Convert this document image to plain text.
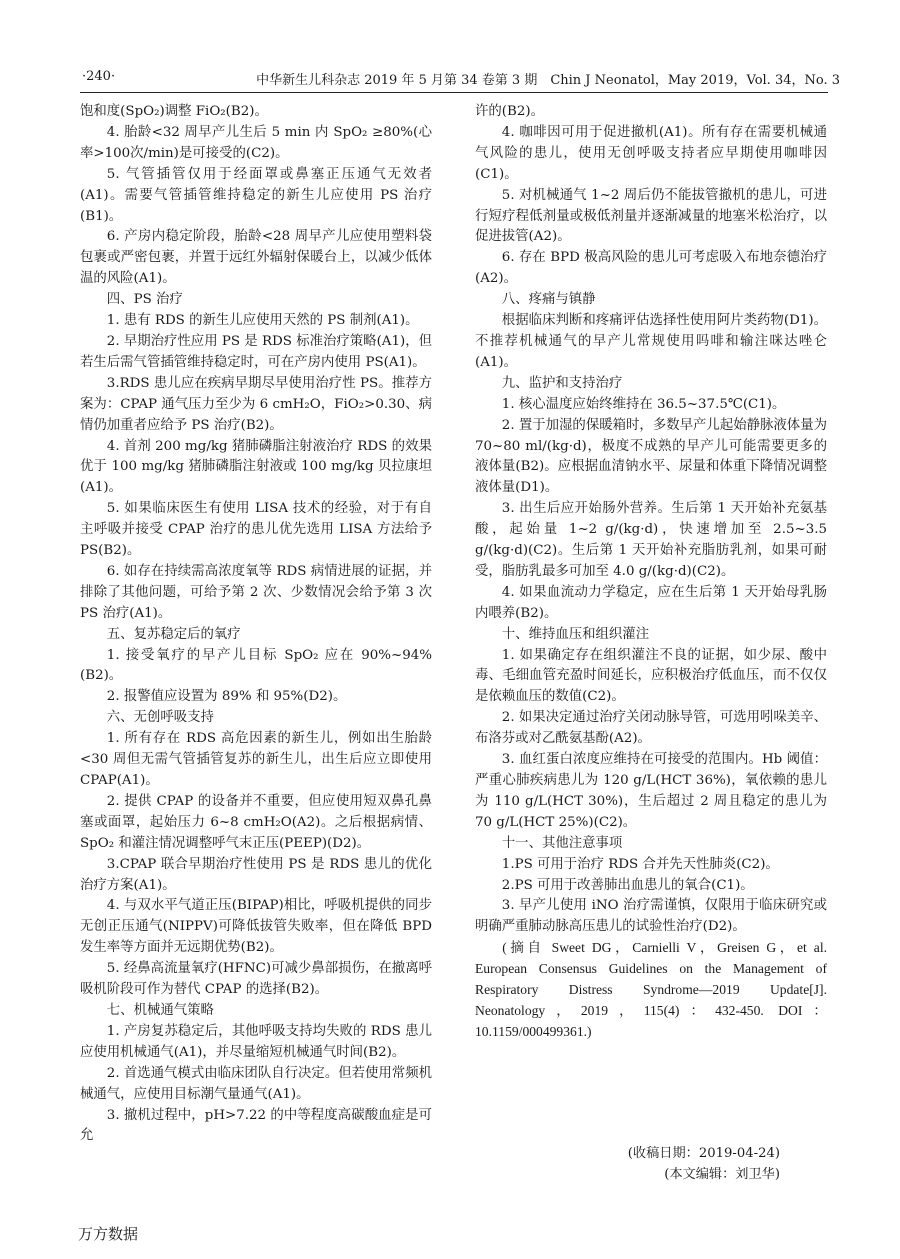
·240·	中华新生儿科杂志 2019 年 5 月第 34 卷第 3 期　Chin J Neonatol，May 2019，Vol. 34，No. 3

饱和度(SpO₂)调整 FiO₂(B2)。

4. 胎龄<32 周早产儿生后 5 min 内 SpO₂ ≥80%(心率>100次/min)是可接受的(C2)。

5. 气管插管仅用于经面罩或鼻塞正压通气无效者(A1)。需要气管插管维持稳定的新生儿应使用 PS 治疗(B1)。

6. 产房内稳定阶段，胎龄<28 周早产儿应使用塑料袋包裹或严密包裹，并置于远红外辐射保暖台上，以减少低体温的风险(A1)。

四、PS 治疗

1. 患有 RDS 的新生儿应使用天然的 PS 制剂(A1)。

2. 早期治疗性应用 PS 是 RDS 标准治疗策略(A1)，但若生后需气管插管维持稳定时，可在产房内使用 PS(A1)。

3.RDS 患儿应在疾病早期尽早使用治疗性 PS。推荐方案为：CPAP 通气压力至少为 6 cmH₂O，FiO₂>0.30、病情仍加重者应给予 PS 治疗(B2)。

4. 首剂 200 mg/kg 猪肺磷脂注射液治疗 RDS 的效果优于 100 mg/kg 猪肺磷脂注射液或 100 mg/kg 贝拉康坦(A1)。

5. 如果临床医生有使用 LISA 技术的经验，对于有自主呼吸并接受 CPAP 治疗的患儿优先选用 LISA 方法给予 PS(B2)。

6. 如存在持续需高浓度氧等 RDS 病情进展的证据，并排除了其他问题，可给予第 2 次、少数情况会给予第 3 次 PS 治疗(A1)。

五、复苏稳定后的氧疗

1. 接受氧疗的早产儿目标 SpO₂ 应在 90%~94%(B2)。

2. 报警值应设置为 89% 和 95%(D2)。

六、无创呼吸支持

1. 所有存在 RDS 高危因素的新生儿，例如出生胎龄<30 周但无需气管插管复苏的新生儿，出生后应立即使用 CPAP(A1)。

2. 提供 CPAP 的设备并不重要，但应使用短双鼻孔鼻塞或面罩，起始压力 6~8 cmH₂O(A2)。之后根据病情、SpO₂ 和灌注情况调整呼气末正压(PEEP)(D2)。

3.CPAP 联合早期治疗性使用 PS 是 RDS 患儿的优化治疗方案(A1)。

4. 与双水平气道正压(BIPAP)相比，呼吸机提供的同步无创正压通气(NIPPV)可降低拔管失败率，但在降低 BPD 发生率等方面并无远期优势(B2)。

5. 经鼻高流量氧疗(HFNC)可减少鼻部损伤，在撤离呼吸机阶段可作为替代 CPAP 的选择(B2)。

七、机械通气策略

1. 产房复苏稳定后，其他呼吸支持均失败的 RDS 患儿应使用机械通气(A1)，并尽量缩短机械通气时间(B2)。

2. 首选通气模式由临床团队自行决定。但若使用常频机械通气，应使用目标潮气量通气(A1)。

3. 撤机过程中，pH>7.22 的中等程度高碳酸血症是可允

许的(B2)。

4. 咖啡因可用于促进撤机(A1)。所有存在需要机械通气风险的患儿，使用无创呼吸支持者应早期使用咖啡因(C1)。

5. 对机械通气 1~2 周后仍不能拔管撤机的患儿，可进行短疗程低剂量或极低剂量并逐渐减量的地塞米松治疗，以促进拔管(A2)。

6. 存在 BPD 极高风险的患儿可考虑吸入布地奈德治疗(A2)。

八、疼痛与镇静

根据临床判断和疼痛评估选择性使用阿片类药物(D1)。不推荐机械通气的早产儿常规使用吗啡和输注咪达唑仑(A1)。

九、监护和支持治疗

1. 核心温度应始终维持在 36.5~37.5℃(C1)。

2. 置于加湿的保暖箱时，多数早产儿起始静脉液体量为 70~80 ml/(kg·d)，极度不成熟的早产儿可能需要更多的液体量(B2)。应根据血清钠水平、尿量和体重下降情况调整液体量(D1)。

3. 出生后应开始肠外营养。生后第 1 天开始补充氨基酸，起始量 1~2 g/(kg·d)，快速增加至 2.5~3.5 g/(kg·d)(C2)。生后第 1 天开始补充脂肪乳剂，如果可耐受，脂肪乳最多可加至 4.0 g/(kg·d)(C2)。

4. 如果血流动力学稳定，应在生后第 1 天开始母乳肠内喂养(B2)。

十、维持血压和组织灌注

1. 如果确定存在组织灌注不良的证据，如少尿、酸中毒、毛细血管充盈时间延长，应积极治疗低血压，而不仅仅是依赖血压的数值(C2)。

2. 如果决定通过治疗关闭动脉导管，可选用吲哚美辛、布洛芬或对乙酰氨基酚(A2)。

3. 血红蛋白浓度应维持在可接受的范围内。Hb 阈值：严重心肺疾病患儿为 120 g/L(HCT 36%)，氧依赖的患儿为 110 g/L(HCT 30%)，生后超过 2 周且稳定的患儿为 70 g/L(HCT 25%)(C2)。

十一、其他注意事项

1.PS 可用于治疗 RDS 合并先天性肺炎(C2)。

2.PS 可用于改善肺出血患儿的氧合(C1)。

3. 早产儿使用 iNO 治疗需谨慎，仅限用于临床研究或明确严重肺动脉高压患儿的试验性治疗(D2)。

(摘自 Sweet DG，Carnielli V，Greisen G，et al. European Consensus Guidelines on the Management of Respiratory Distress Syndrome—2019 Update[J]. Neonatology，2019，115(4)：432-450. DOI：10.1159/000499361.)

(收稿日期：2019-04-24)
(本文编辑：刘卫华)
万方数据
